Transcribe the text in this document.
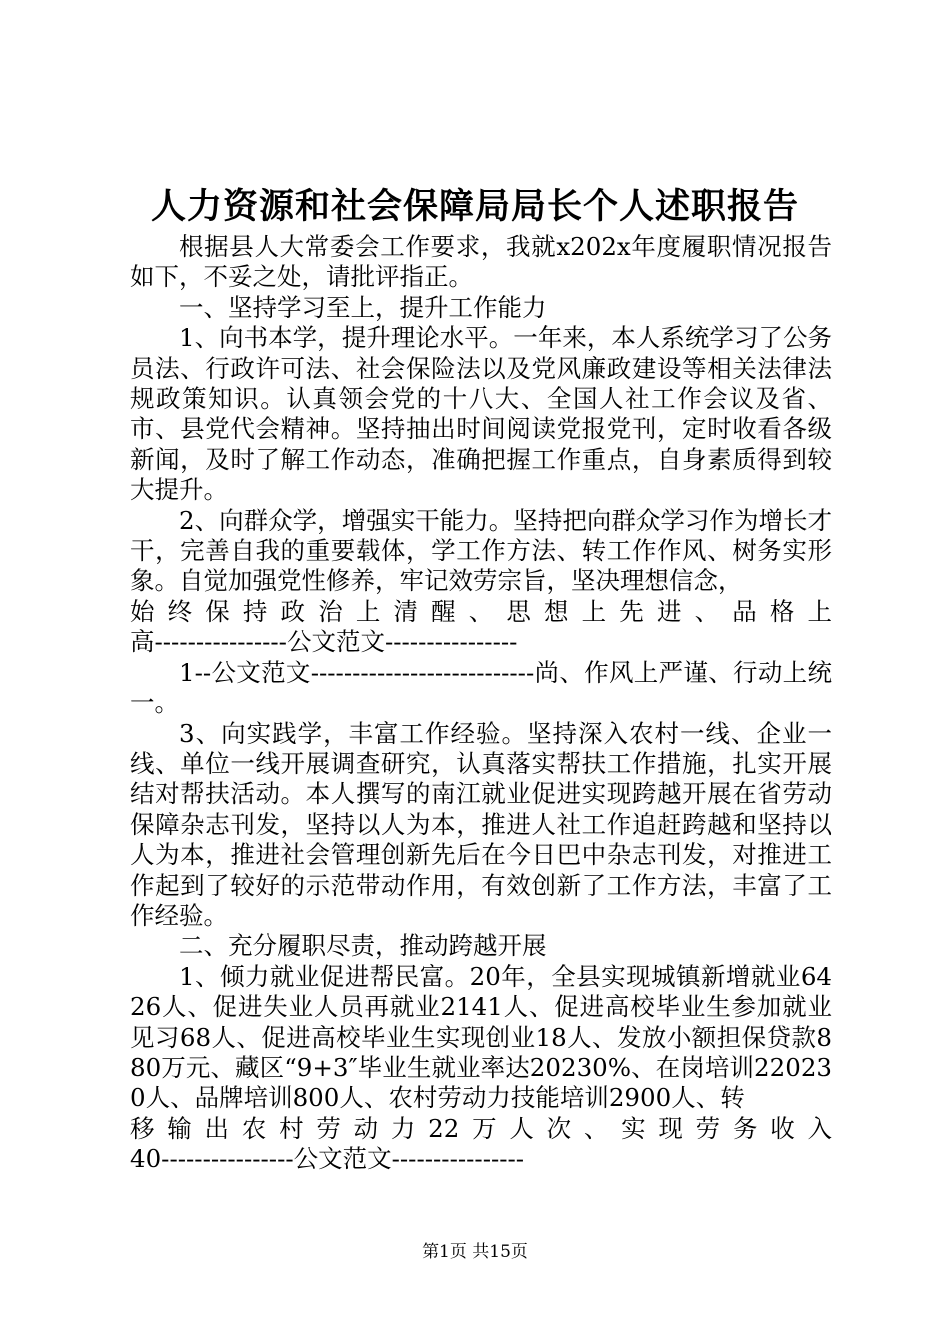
人力资源和社会保障局局长个人述职报告

根据县人大常委会工作要求，我就x202x年度履职情况报告如下，不妥之处，请批评指正。

一、坚持学习至上，提升工作能力

1、向书本学，提升理论水平。一年来，本人系统学习了公务员法、行政许可法、社会保险法以及党风廉政建设等相关法律法规政策知识。认真领会党的十八大、全国人社工作会议及省、市、县党代会精神。坚持抽出时间阅读党报党刊，定时收看各级新闻，及时了解工作动态，准确把握工作重点，自身素质得到较大提升。

2、向群众学，增强实干能力。坚持把向群众学习作为增长才干，完善自我的重要载体，学工作方法、转工作作风、树务实形象。自觉加强党性修养，牢记效劳宗旨，坚决理想信念，

始终保持政治上清醒、思想上先进、品格上

高----------------公文范文----------------

1--公文范文---------------------------尚、作风上严谨、行动上统一。

3、向实践学，丰富工作经验。坚持深入农村一线、企业一线、单位一线开展调查研究，认真落实帮扶工作措施，扎实开展结对帮扶活动。本人撰写的南江就业促进实现跨越开展在省劳动保障杂志刊发，坚持以人为本，推进人社工作追赶跨越和坚持以人为本，推进社会管理创新先后在今日巴中杂志刊发，对推进工作起到了较好的示范带动作用，有效创新了工作方法，丰富了工作经验。

二、充分履职尽责，推动跨越开展

1、倾力就业促进帮民富。20年，全县实现城镇新增就业6426人、促进失业人员再就业2141人、促进高校毕业生参加就业见习68人、促进高校毕业生实现创业18人、发放小额担保贷款880万元、藏区“9+3″毕业生就业率达20230%、在岗培训220230人、品牌培训800人、农村劳动力技能培训2900人、转

移输出农村劳动力22万人次、实现劳务收入

40----------------公文范文----------------

第1页 共15页
